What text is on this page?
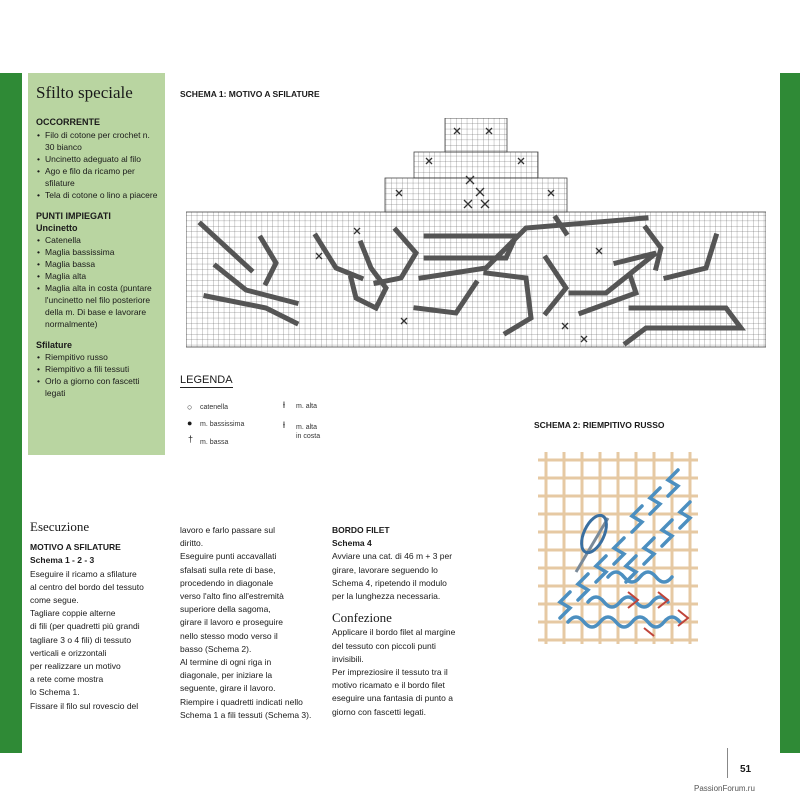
Sfilto speciale
OCCORRENTE
• Filo di cotone per crochet n. 30 bianco
• Uncinetto adeguato al filo
• Ago e filo da ricamo per sfilature
• Tela di cotone o lino a piacere
PUNTI IMPIEGATI
Uncinetto
• Catenella
• Maglia bassissima
• Maglia bassa
• Maglia alta
• Maglia alta in costa (puntare l'uncinetto nel filo posteriore della m. Di base e lavorare normalmente)
Sfilature
• Riempitivo russo
• Riempitivo a fili tessuti
• Orlo a giorno con fascetti legati
SCHEMA 1: MOTIVO A SFILATURE
LEGENDA
○ catenella
● m. bassissima
† m. bassa
ƚ m. alta
ƚ m. alta
in costa
SCHEMA 2: RIEMPITIVO RUSSO
Esecuzione

MOTIVO A SFILATURE

Schema 1 - 2 - 3

Eseguire il ricamo a sfilature

al centro del bordo del tessuto

come segue.

Tagliare coppie alterne

di fili (per quadretti più grandi

tagliare 3 o 4 fili) di tessuto

verticali e orizzontali

per realizzare un motivo

a rete come mostra

lo Schema 1.

Fissare il filo sul rovescio del

lavoro e farlo passare sul

diritto.

Eseguire punti accavallati

sfalsati sulla rete di base,

procedendo in diagonale

verso l'alto fino all'estremità

superiore della sagoma,

girare il lavoro e proseguire

nello stesso modo verso il

basso (Schema 2).

Al termine di ogni riga in

diagonale, per iniziare la

seguente, girare il lavoro.

Riempire i quadretti indicati nello

Schema 1 a fili tessuti (Schema 3).

BORDO FILET

Schema 4

Avviare una cat. di 46 m + 3 per

girare, lavorare seguendo lo

Schema 4, ripetendo il modulo

per la lunghezza necessaria.

Confezione

Applicare il bordo filet al margine

del tessuto con piccoli punti

invisibili.

Per impreziosire il tessuto tra il

motivo ricamato e il bordo filet

eseguire una fantasia di punto a

giorno con fascetti legati.

51
PassionForum.ru
